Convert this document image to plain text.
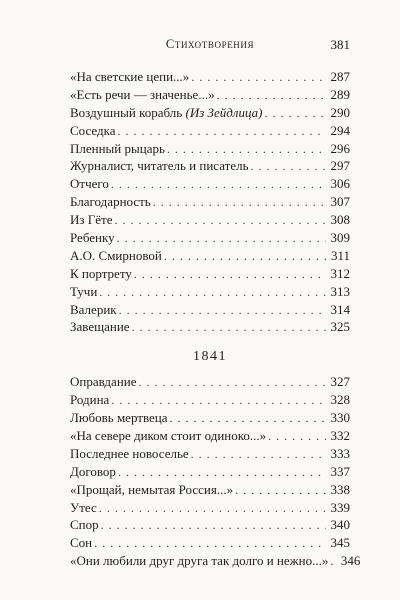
Стихотворения	381
«На светские цепи...» . . .	287
«Есть речи — значенье...» . . .	289
Воздушный корабль (Из Зейдлица) . . .	290
Соседка . . .	294
Пленный рыцарь . . .	296
Журналист, читатель и писатель . . .	297
Отчего . . .	306
Благодарность . . .	307
Из Гёте . . .	308
Ребенку . . .	309
А.О. Смирновой . . .	311
К портрету . . .	312
Тучи . . .	313
Валерик . . .	314
Завещание . . .	325
1841
Оправдание . . .	327
Родина . . .	328
Любовь мертвеца . . .	330
«На севере диком стоит одиноко...» . . .	332
Последнее новоселье . . .	333
Договор . . .	337
«Прощай, немытая Россия...» . . .	338
Утес . . .	339
Спор . . .	340
Сон . . .	345
«Они любили друг друга так долго и нежно...» . . . 346
